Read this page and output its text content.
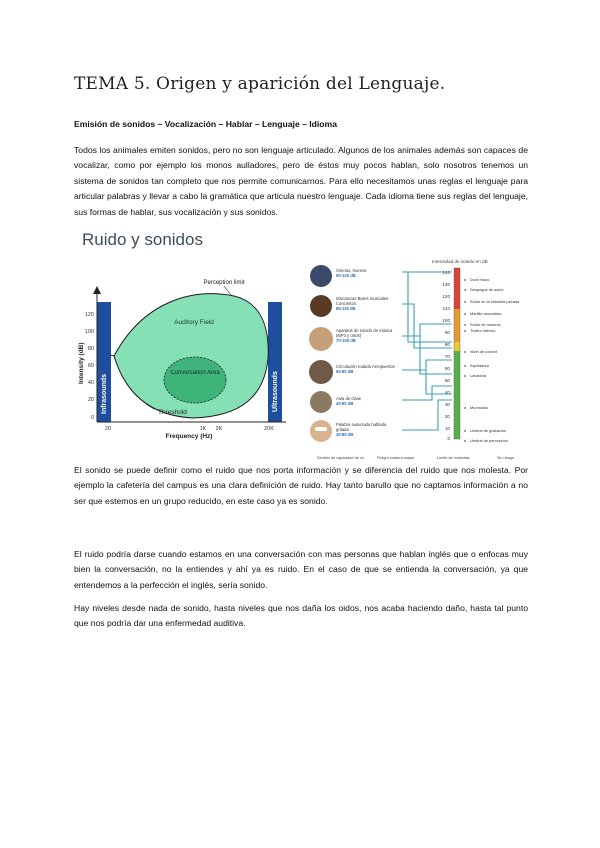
TEMA 5. Origen y aparición del Lenguaje.
Emisión de sonidos – Vocalización – Hablar – Lenguaje – Idioma

Todos los animales emiten sonidos, pero no son lenguaje articulado. Algunos de los animales además son capaces de vocalizar, como por ejemplo los monos aulladores, pero de éstos muy pocos hablan, solo nosotros tenemos un sistema de sonidos tan completo que nos permite comunicarnos. Para ello necesitamos unas reglas el lenguaje para articular palabras y llevar a cabo la gramática que articula nuestro lenguaje. Cada idioma tiene sus reglas del lenguaje, sus formas de hablar, sus vocalización y sus sonidos.

Ruido y sonidos
Infrasounds	Ultrasounds
120
100
80
60
40
20
0
Intensity (dB)
20	1K 2K	20K
Frequency (Hz)
Auditory Field
Conversation Area
Perception limit
Threshold
Intensidad de sonido en dB
140
130
120
110
100
90
80
70
60
50
40
30
20
10
0
Dolor físico
Despegue de avión
Ruido en la industria pesada
Martillo neumático
Ruido de motores
Trafico intenso
Nivel de confort
Aspiradora
Lavadora
Murmullos
Umbral de grabación
Umbral de percepción
Sirenas, truenos
90-120 dB
Discotecas Bares musicales Conciertos
85-115 dB
Aparatos de sonido de música (MP3 y otros)
70-100 dB
Circulación rodada Aeropuertos
50-80 dB
Aula de clase
40-80 dB
Palabra susurrada hablada gritada
30-80 dB
Sentido de capacidad de oír	Peligro sordera mayor	Límite de molestias	Sin riesgo

El sonido se puede definir como el ruido que nos porta información y se diferencia del ruido que nos molesta. Por ejemplo la cafetería del campus es una clara definición de ruido. Hay tanto barullo que no captamos información a no ser que estemos en un grupo reducido, en este caso ya es sonido.

El ruido podría darse cuando estamos en una conversación con mas personas que hablan inglés que o enfocas muy bien la conversación, no la entiendes y ahí ya es ruido. En el caso de que se entienda la conversación, ya que entendemos a la perfección el inglés, sería sonido.

Hay niveles desde nada de sonido, hasta niveles que nos daña los oidos, nos acaba haciendo daño, hasta tal punto que nos podría dar una enfermedad auditiva.
